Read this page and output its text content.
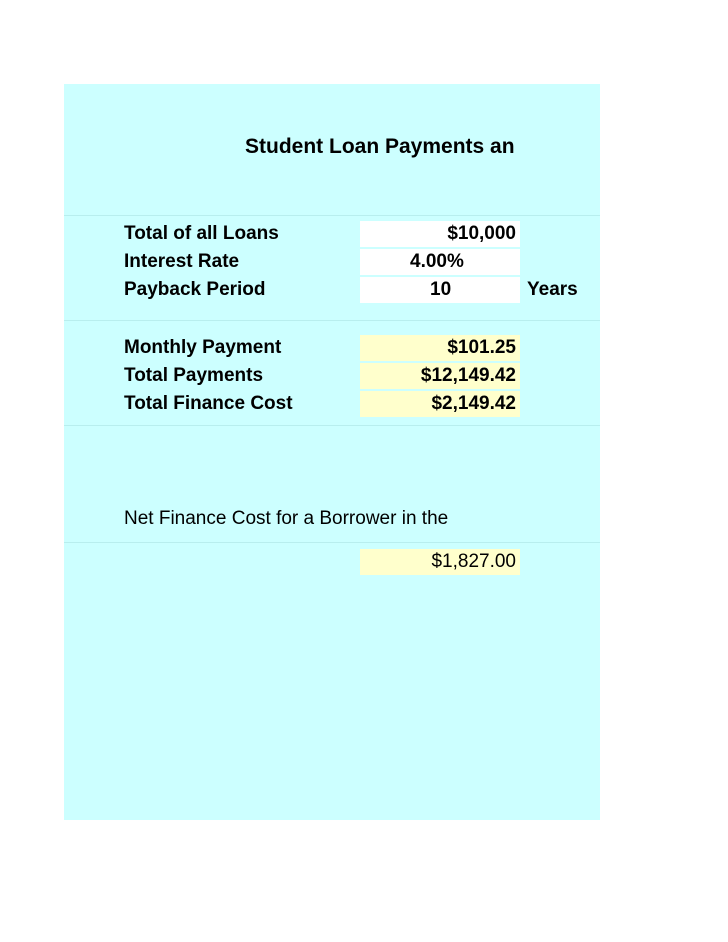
Student Loan Payments an
Total of all Loans	$10,000
Interest Rate	4.00%
Payback Period	10	Years
Monthly Payment	$101.25
Total Payments	$12,149.42
Total Finance Cost	$2,149.42
Net Finance Cost for a Borrower in the
$1,827.00
